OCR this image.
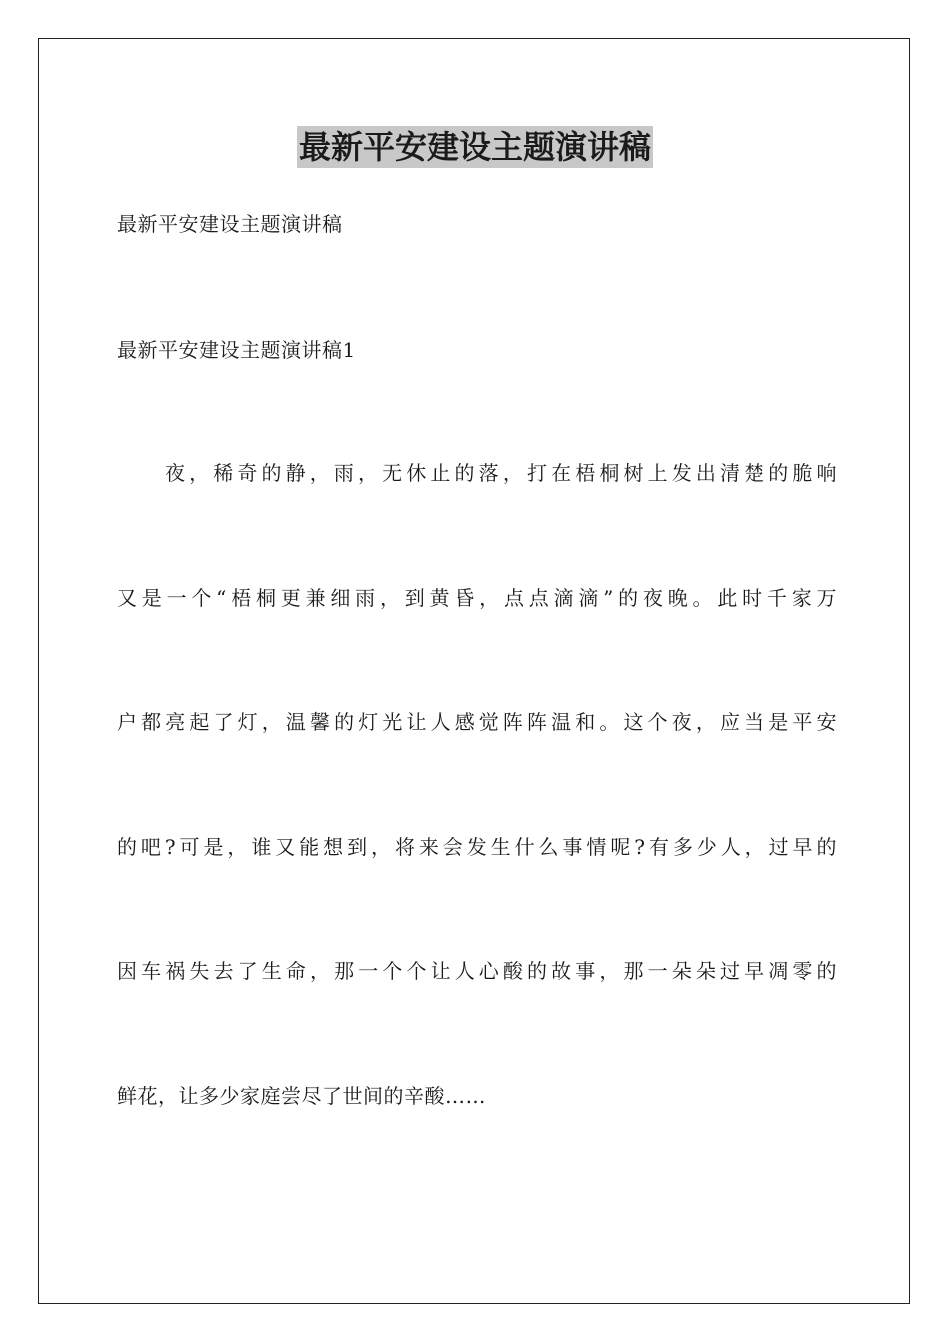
最新平安建设主题演讲稿
最新平安建设主题演讲稿
最新平安建设主题演讲稿1
夜，稀奇的静，雨，无休止的落，打在梧桐树上发出清楚的脆响
又是一个“梧桐更兼细雨，到黄昏，点点滴滴”的夜晚。此时千家万
户都亮起了灯，温馨的灯光让人感觉阵阵温和。这个夜，应当是平安
的吧?可是，谁又能想到，将来会发生什么事情呢?有多少人，过早的
因车祸失去了生命，那一个个让人心酸的故事，那一朵朵过早凋零的
鲜花，让多少家庭尝尽了世间的辛酸……
